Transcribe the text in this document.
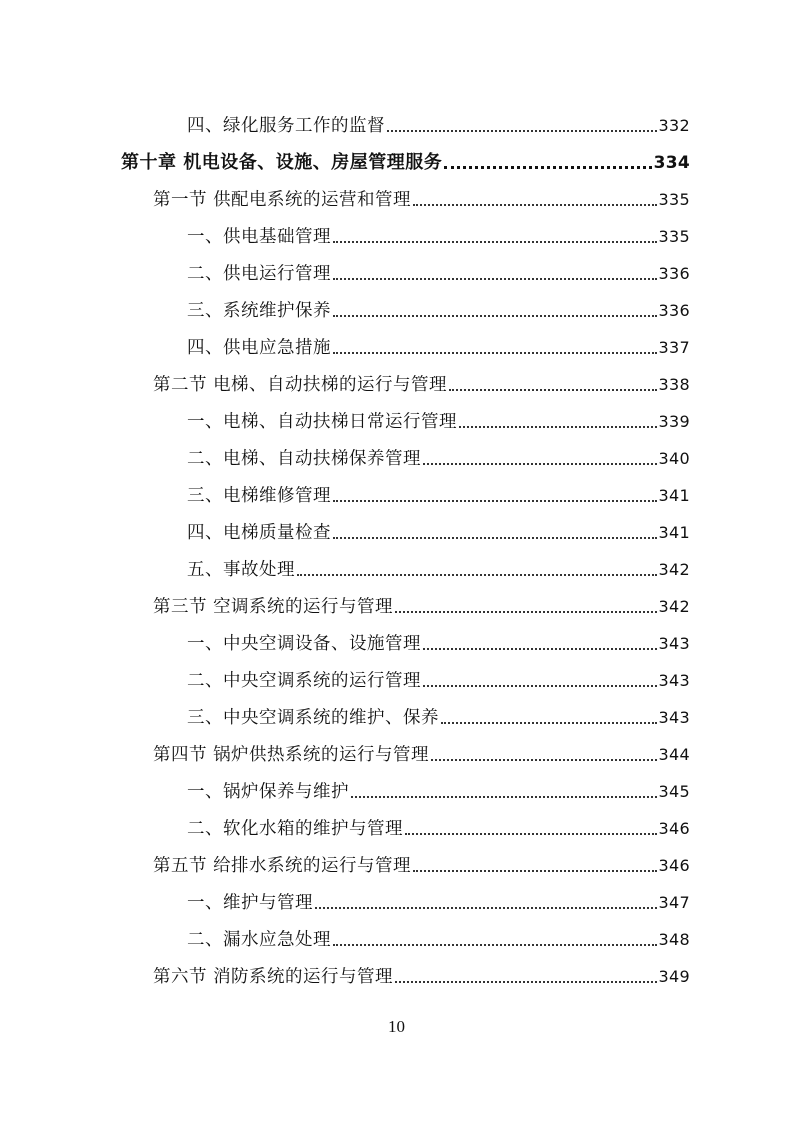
四、绿化服务工作的监督	332
第十章 机电设备、设施、房屋管理服务	334
第一节 供配电系统的运营和管理	335
一、供电基础管理	335
二、供电运行管理	336
三、系统维护保养	336
四、供电应急措施	337
第二节 电梯、自动扶梯的运行与管理	338
一、电梯、自动扶梯日常运行管理	339
二、电梯、自动扶梯保养管理	340
三、电梯维修管理	341
四、电梯质量检查	341
五、事故处理	342
第三节 空调系统的运行与管理	342
一、中央空调设备、设施管理	343
二、中央空调系统的运行管理	343
三、中央空调系统的维护、保养	343
第四节 锅炉供热系统的运行与管理	344
一、锅炉保养与维护	345
二、软化水箱的维护与管理	346
第五节 给排水系统的运行与管理	346
一、维护与管理	347
二、漏水应急处理	348
第六节 消防系统的运行与管理	349
10
